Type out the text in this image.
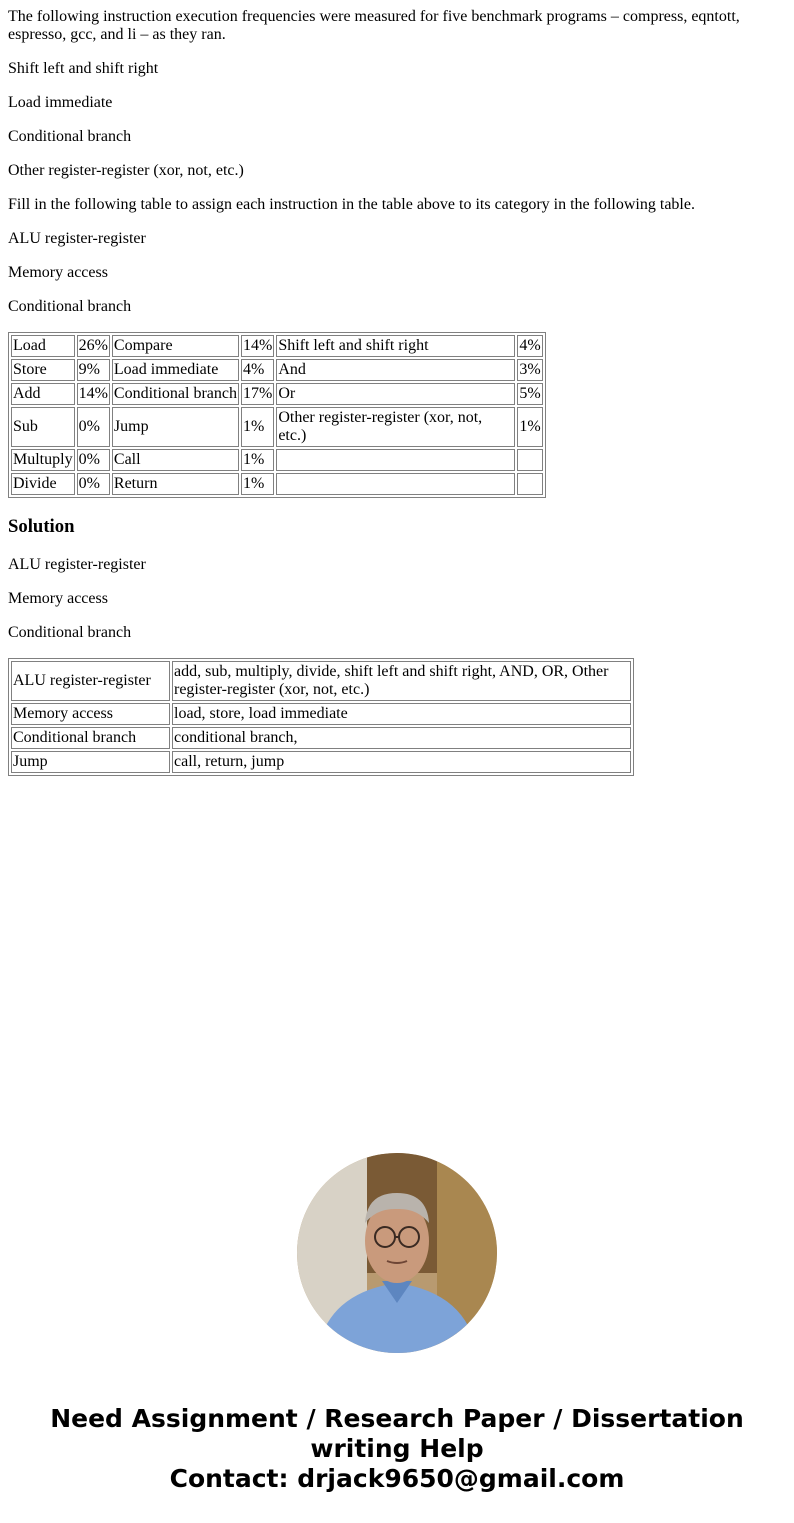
The following instruction execution frequencies were measured for five benchmark programs – compress, eqntott, espresso, gcc, and li – as they ran.

Shift left and shift right

Load immediate

Conditional branch

Other register-register (xor, not, etc.)

Fill in the following table to assign each instruction in the table above to its category in the following table.

ALU register-register

Memory access

Conditional branch

Load	26%	Compare	14%	Shift left and shift right	4%
Store	9%	Load immediate	4%	And	3%
Add	14%	Conditional branch	17%	Or	5%
Sub	0%	Jump	1%	Other register-register (xor, not, etc.)	1%
Multuply	0%	Call	1%		
Divide	0%	Return	1%		
Solution

ALU register-register

Memory access

Conditional branch

ALU register-register	add, sub, multiply, divide, shift left and shift right, AND, OR, Other register-register (xor, not, etc.)
Memory access	load, store, load immediate
Conditional branch	conditional branch,
Jump	call, return, jump
Need Assignment / Research Paper / Dissertation
writing Help
Contact: drjack9650@gmail.com
